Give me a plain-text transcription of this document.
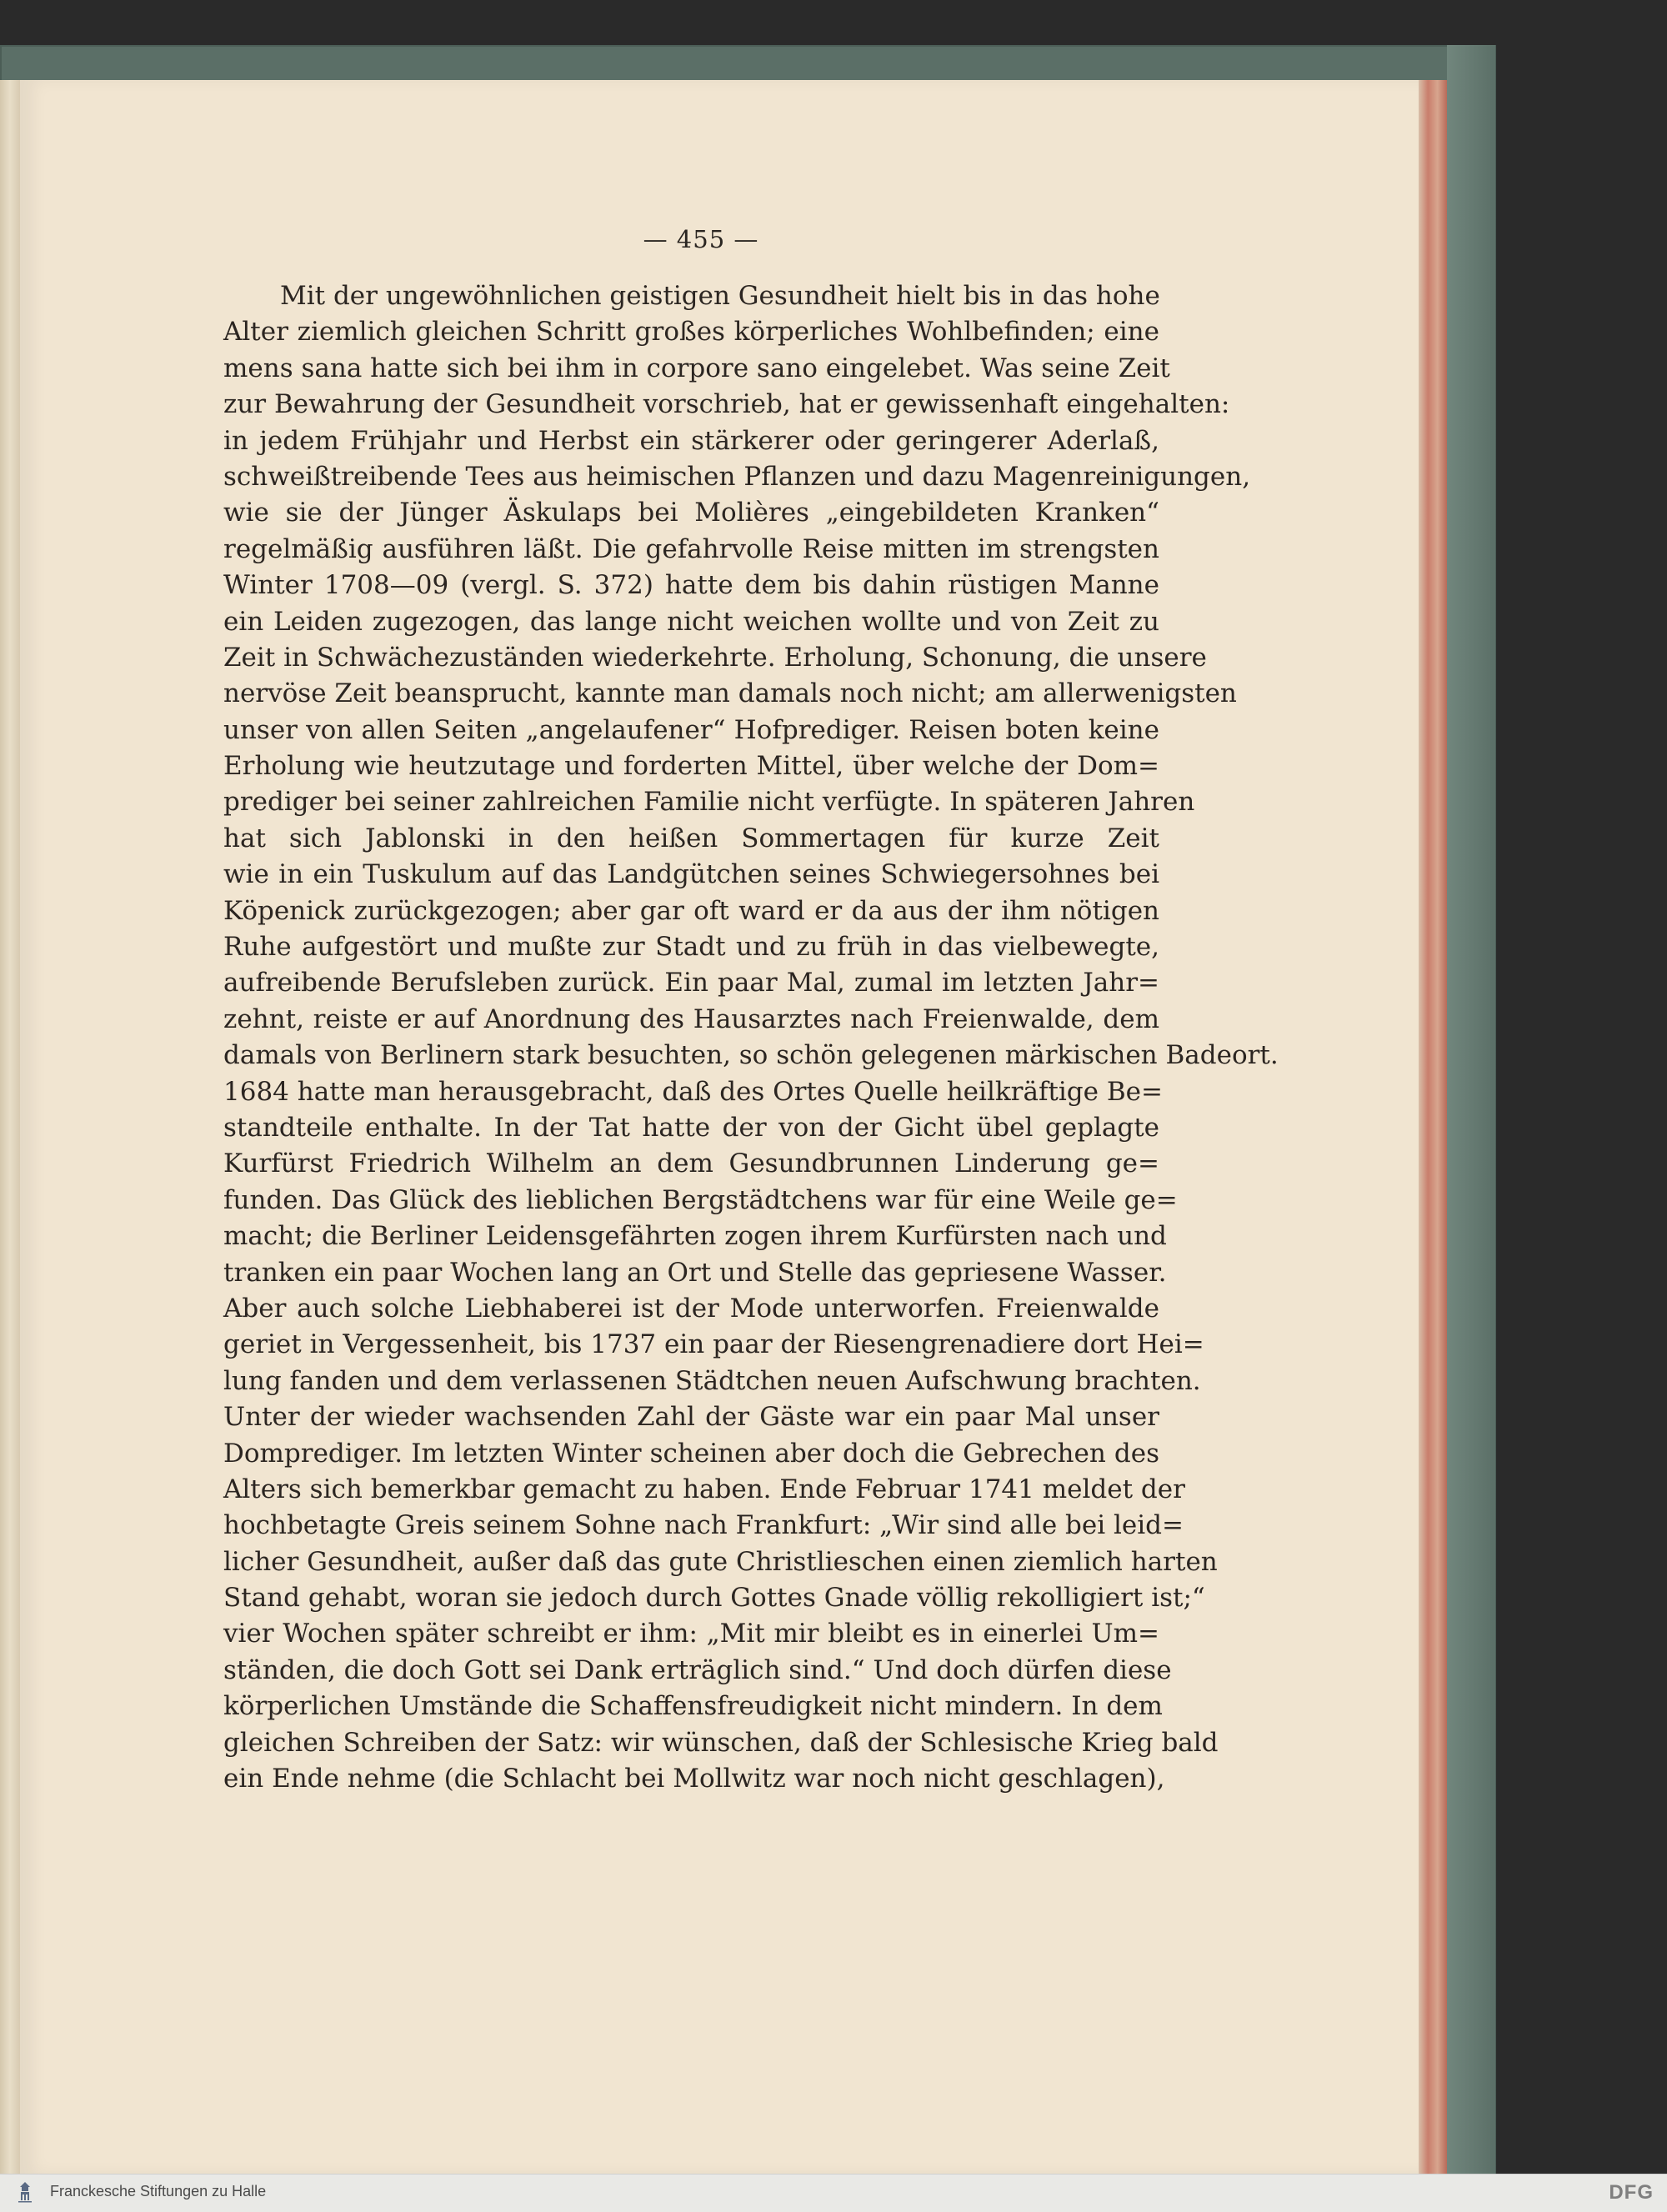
— 455 —
Mit der ungewöhnlichen geistigen Gesundheit hielt bis in das hohe
Alter ziemlich gleichen Schritt großes körperliches Wohlbefinden; eine
mens sana hatte sich bei ihm in corpore sano eingelebet. Was seine Zeit
zur Bewahrung der Gesundheit vorschrieb, hat er gewissenhaft eingehalten:
in jedem Frühjahr und Herbst ein stärkerer oder geringerer Aderlaß,
schweißtreibende Tees aus heimischen Pflanzen und dazu Magenreinigungen,
wie sie der Jünger Äskulaps bei Molières „eingebildeten Kranken“
regelmäßig ausführen läßt. Die gefahrvolle Reise mitten im strengsten
Winter 1708—09 (vergl. S. 372) hatte dem bis dahin rüstigen Manne
ein Leiden zugezogen, das lange nicht weichen wollte und von Zeit zu
Zeit in Schwächezuständen wiederkehrte. Erholung, Schonung, die unsere
nervöse Zeit beansprucht, kannte man damals noch nicht; am allerwenigsten
unser von allen Seiten „angelaufener“ Hofprediger. Reisen boten keine
Erholung wie heutzutage und forderten Mittel, über welche der Dom=
prediger bei seiner zahlreichen Familie nicht verfügte. In späteren Jahren
hat sich Jablonski in den heißen Sommertagen für kurze Zeit
wie in ein Tuskulum auf das Landgütchen seines Schwiegersohnes bei
Köpenick zurückgezogen; aber gar oft ward er da aus der ihm nötigen
Ruhe aufgestört und mußte zur Stadt und zu früh in das vielbewegte,
aufreibende Berufsleben zurück. Ein paar Mal, zumal im letzten Jahr=
zehnt, reiste er auf Anordnung des Hausarztes nach Freienwalde, dem
damals von Berlinern stark besuchten, so schön gelegenen märkischen Badeort.
1684 hatte man herausgebracht, daß des Ortes Quelle heilkräftige Be=
standteile enthalte. In der Tat hatte der von der Gicht übel geplagte
Kurfürst Friedrich Wilhelm an dem Gesundbrunnen Linderung ge=
funden. Das Glück des lieblichen Bergstädtchens war für eine Weile ge=
macht; die Berliner Leidensgefährten zogen ihrem Kurfürsten nach und
tranken ein paar Wochen lang an Ort und Stelle das gepriesene Wasser.
Aber auch solche Liebhaberei ist der Mode unterworfen. Freienwalde
geriet in Vergessenheit, bis 1737 ein paar der Riesengrenadiere dort Hei=
lung fanden und dem verlassenen Städtchen neuen Aufschwung brachten.
Unter der wieder wachsenden Zahl der Gäste war ein paar Mal unser
Domprediger. Im letzten Winter scheinen aber doch die Gebrechen des
Alters sich bemerkbar gemacht zu haben. Ende Februar 1741 meldet der
hochbetagte Greis seinem Sohne nach Frankfurt: „Wir sind alle bei leid=
licher Gesundheit, außer daß das gute Christlieschen einen ziemlich harten
Stand gehabt, woran sie jedoch durch Gottes Gnade völlig rekolligiert ist;“
vier Wochen später schreibt er ihm: „Mit mir bleibt es in einerlei Um=
ständen, die doch Gott sei Dank erträglich sind.“ Und doch dürfen diese
körperlichen Umstände die Schaffensfreudigkeit nicht mindern. In dem
gleichen Schreiben der Satz: wir wünschen, daß der Schlesische Krieg bald
ein Ende nehme (die Schlacht bei Mollwitz war noch nicht geschlagen),
Franckesche Stiftungen zu Halle	DFG
